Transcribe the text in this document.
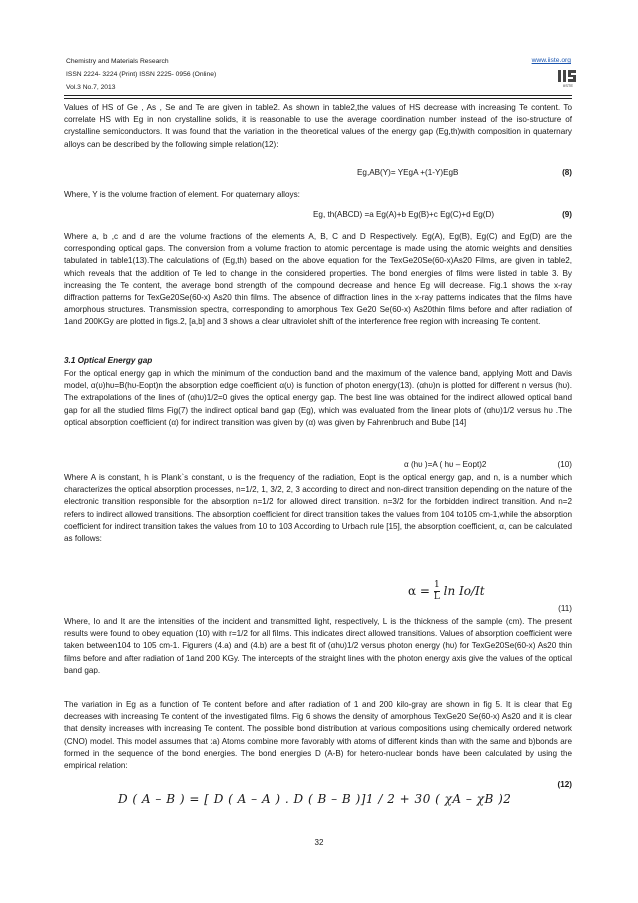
Chemistry and Materials Research
ISSN 2224- 3224 (Print) ISSN 2225- 0956 (Online)
Vol.3 No.7, 2013
www.iiste.org
IISTE

Values of HS of Ge , As , Se and Te are given in table2. As shown in table2,the values of HS decrease with increasing Te content. To correlate HS with Eg in non crystalline solids, it is reasonable to use the average coordination number instead of the iso-structure of crystalline semiconductors. It was found that the variation in the theoretical values of the energy gap (Eg,th)with composition in quaternary alloys can be described by the following simple relation(12):

Eg,AB(Y)= YEgA +(1-Y)EgB	(8)

Where, Y is the volume fraction of element. For quaternary alloys:

Eg, th(ABCD) =a Eg(A)+b Eg(B)+c Eg(C)+d Eg(D)	(9)

Where a, b ,c and d are the volume fractions of the elements A, B, C and D Respectively. Eg(A), Eg(B), Eg(C) and Eg(D) are the corresponding optical gaps. The conversion from a volume fraction to atomic percentage is made using the atomic weights and densities tabulated in table1(13).The calculations of (Eg,th) based on the above equation for the TexGe20Se(60-x)As20 Films, are given in table2, which reveals that the addition of Te led to change in the considered properties. The bond energies of films were listed in table 3. By increasing the Te content, the average bond strength of the compound decrease and hence Eg will decrease. Fig.1 shows the x-ray diffraction patterns for TexGe20Se(60-x) As20 thin films. The absence of diffraction lines in the x-ray patterns indicates that the films have amorphous structures. Transmission spectra, corresponding to amorphous Tex Ge20 Se(60-x) As20thin films before and after radiation of 1and 200KGy are plotted in figs.2, [a,b] and 3 shows a clear ultraviolet shift of the interference free region with increasing Te content.

3.1 Optical Energy gap

For the optical energy gap in which the minimum of the conduction band and the maximum of the valence band, applying Mott and Davis model, α(υ)hυ=B(hυ-Eopt)n the absorption edge coefficient α(υ) is function of photon energy(13). (αhυ)n is plotted for different n versus (hυ). The extrapolations of the lines of (αhυ)1/2=0 gives the optical energy gap. The best line was obtained for the indirect allowed optical band gap for all the studied films Fig(7) the indirect optical band gap (Eg), which was evaluated from the linear plots of (αhυ)1/2 versus hυ .The optical absorption coefficient (α) for indirect transition was given by (α) was given by Fahrenbruch and Bube [14]

α (hυ )=A ( hυ – Eopt)2	(10)

Where A is constant, h is Plank`s constant, υ is the frequency of the radiation, Eopt is the optical energy gap, and n, is a number which characterizes the optical absorption processes, n=1/2, 1, 3/2, 2, 3 according to direct and non-direct transition depending on the nature of the electronic transition responsible for the absorption n=1/2 for allowed direct transition. n=3/2 for the forbidden indirect transition. And n=2 refers to indirect allowed transitions. The absorption coefficient for direct transition takes the values from 104 to105 cm-1,while the absorption coefficient for indirect transition takes the values from 10 to 103 According to Urbach rule [15], the absorption coefficient, α, can be calculated as follows:

$\alpha = \frac{1}{L}$ ln Io/It
(11)

Where, Io and It are the intensities of the incident and transmitted light, respectively, L is the thickness of the sample (cm). The present results were found to obey equation (10) with r=1/2 for all films. This indicates direct allowed transitions. Values of absorption coefficient were taken between104 to 105 cm-1. Figurers (4.a) and (4.b) are a best fit of (αhυ)1/2 versus photon energy (hυ) for TexGe20Se(60-x) As20 thin films before and after radiation of 1and 200 KGy. The intercepts of the straight lines with the photon energy axis give the values of the optical band gap.

The variation in Eg as a function of Te content before and after radiation of 1 and 200 kilo-gray are shown in fig 5. It is clear that Eg decreases with increasing Te content of the investigated films. Fig 6 shows the density of amorphous TexGe20 Se(60-x) As20 and it is clear that density increases with increasing Te content. The possible bond distribution at various compositions using chemically ordered network (CNO) model. This model assumes that :a) Atoms combine more favorably with atoms of different kinds than with the same and b)bonds are formed in the sequence of the bond energies. The bond energies D (A-B) for hetero-nuclear bonds have been calculated by using the empirical relation:

D ( A – B ) = [ D ( A – A ) . D ( B – B )]1 / 2 + 30 ( χA – χB )2
(12)
32
